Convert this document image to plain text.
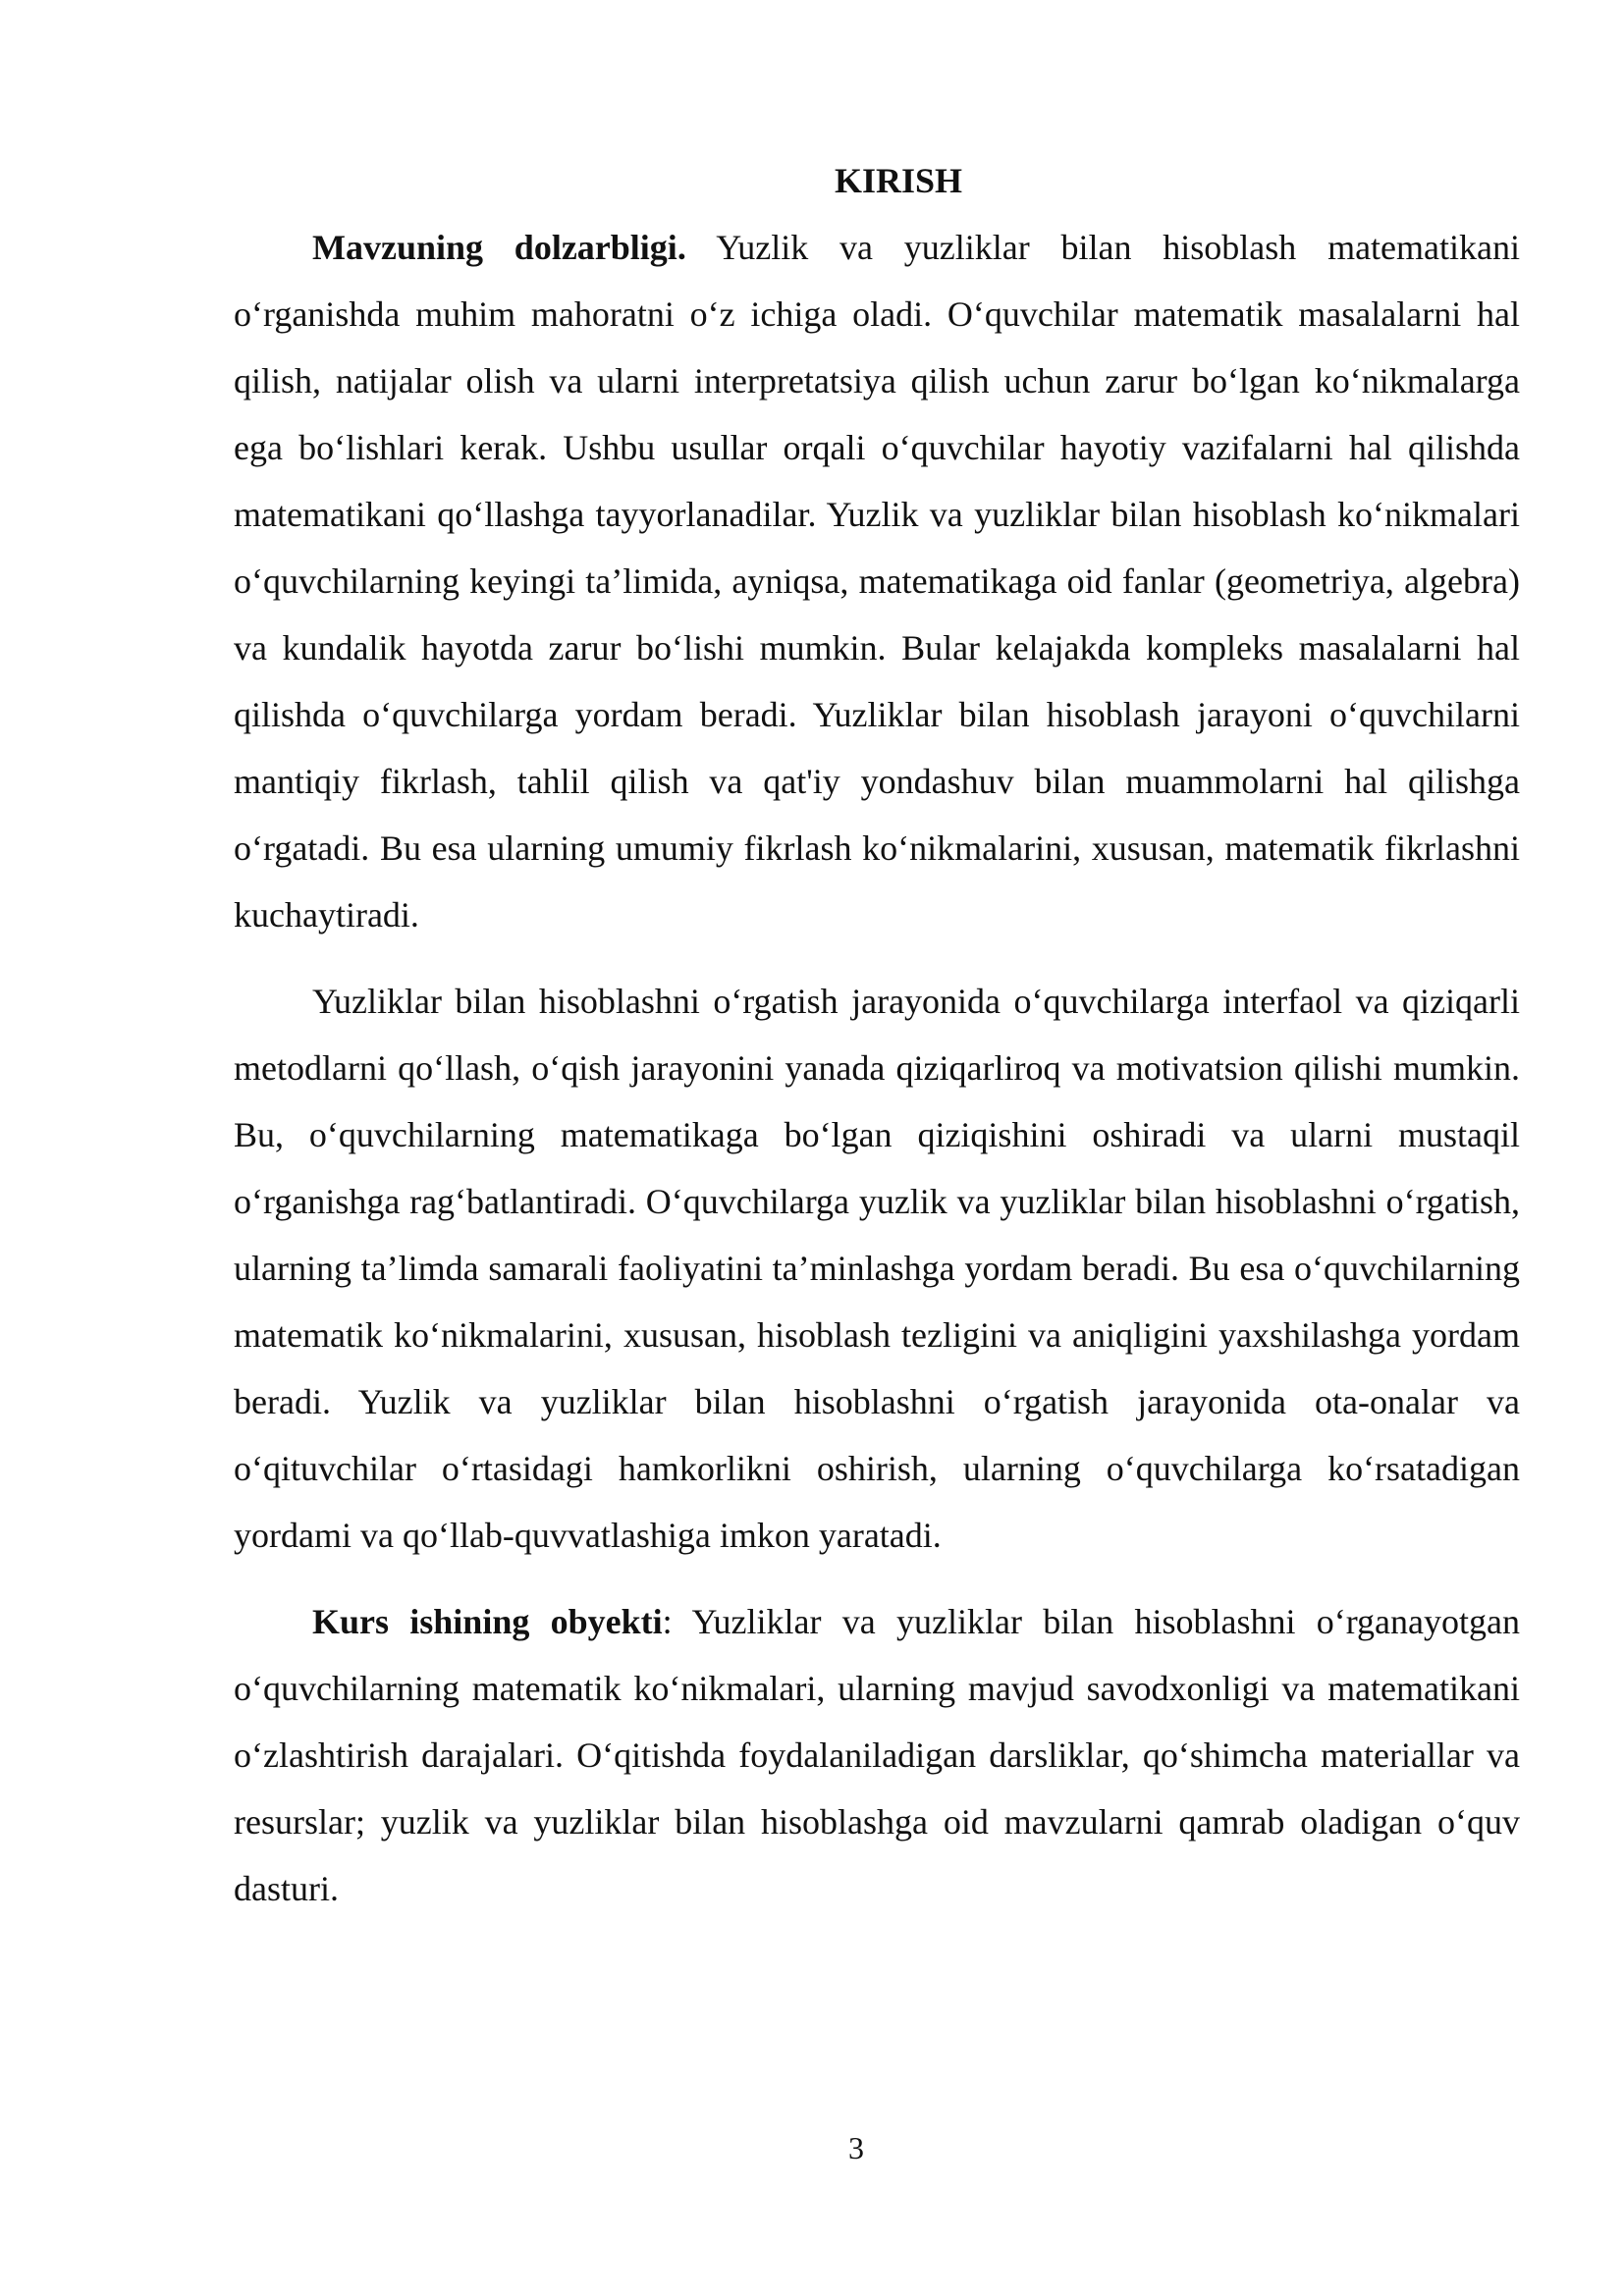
KIRISH

Mavzuning dolzarbligi. Yuzlik va yuzliklar bilan hisoblash matematikani o‘rganishda muhim mahoratni o‘z ichiga oladi. O‘quvchilar matematik masalalarni hal qilish, natijalar olish va ularni interpretatsiya qilish uchun zarur bo‘lgan ko‘nikmalarga ega bo‘lishlari kerak. Ushbu usullar orqali o‘quvchilar hayotiy vazifalarni hal qilishda matematikani qo‘llashga tayyorlanadilar. Yuzlik va yuzliklar bilan hisoblash ko‘nikmalari o‘quvchilarning keyingi ta’limida, ayniqsa, matematikaga oid fanlar (geometriya, algebra) va kundalik hayotda zarur bo‘lishi mumkin. Bular kelajakda kompleks masalalarni hal qilishda o‘quvchilarga yordam beradi. Yuzliklar bilan hisoblash jarayoni o‘quvchilarni mantiqiy fikrlash, tahlil qilish va qat'iy yondashuv bilan muammolarni hal qilishga o‘rgatadi. Bu esa ularning umumiy fikrlash ko‘nikmalarini, xususan, matematik fikrlashni kuchaytiradi.

Yuzliklar bilan hisoblashni o‘rgatish jarayonida o‘quvchilarga interfaol va qiziqarli metodlarni qo‘llash, o‘qish jarayonini yanada qiziqarliroq va motivatsion qilishi mumkin. Bu, o‘quvchilarning matematikaga bo‘lgan qiziqishini oshiradi va ularni mustaqil o‘rganishga rag‘batlantiradi. O‘quvchilarga yuzlik va yuzliklar bilan hisoblashni o‘rgatish, ularning ta’limda samarali faoliyatini ta’minlashga yordam beradi. Bu esa o‘quvchilarning matematik ko‘nikmalarini, xususan, hisoblash tezligini va aniqligini yaxshilashga yordam beradi. Yuzlik va yuzliklar bilan hisoblashni o‘rgatish jarayonida ota-onalar va o‘qituvchilar o‘rtasidagi hamkorlikni oshirish, ularning o‘quvchilarga ko‘rsatadigan yordami va qo‘llab-quvvatlashiga imkon yaratadi.

Kurs ishining obyekti: Yuzliklar va yuzliklar bilan hisoblashni o‘rganayotgan o‘quvchilarning matematik ko‘nikmalari, ularning mavjud savodxonligi va matematikani o‘zlashtirish darajalari. O‘qitishda foydalaniladigan darsliklar, qo‘shimcha materiallar va resurslar; yuzlik va yuzliklar bilan hisoblashga oid mavzularni qamrab oladigan o‘quv dasturi.

3
